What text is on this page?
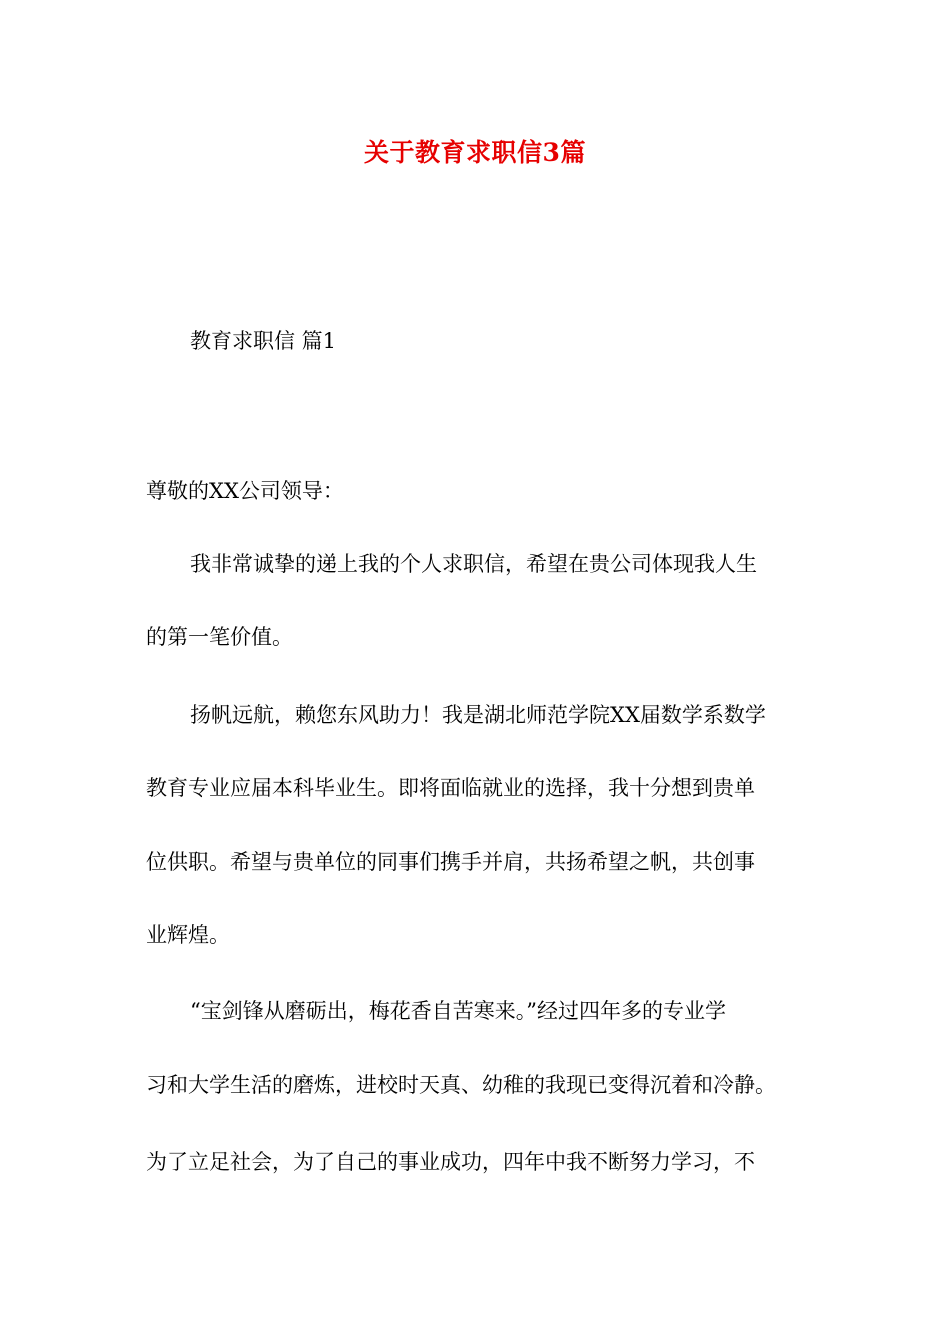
关于教育求职信3篇
教育求职信 篇1
尊敬的XX公司领导：
我非常诚挚的递上我的个人求职信，希望在贵公司体现我人生
的第一笔价值。
扬帆远航，赖您东风助力！我是湖北师范学院XX届数学系数学
教育专业应届本科毕业生。即将面临就业的选择，我十分想到贵单
位供职。希望与贵单位的同事们携手并肩，共扬希望之帆，共创事
业辉煌。
“宝剑锋从磨砺出，梅花香自苦寒来。”经过四年多的专业学
习和大学生活的磨炼，进校时天真、幼稚的我现已变得沉着和冷静。
为了立足社会，为了自己的事业成功，四年中我不断努力学习，不
